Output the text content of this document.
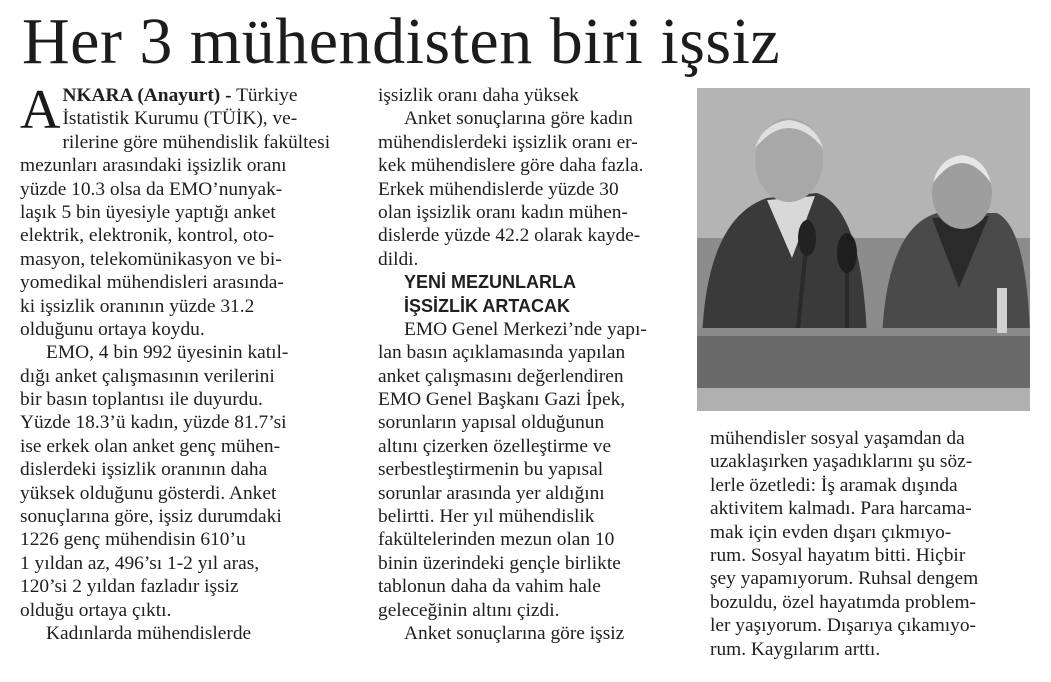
Her 3 mühendisten biri işsiz
A NKARA (Anayurt) - Türkiye
İstatistik Kurumu (TÜİK), ve-
rilerine göre mühendislik fakültesi
mezunları arasındaki işsizlik oranı
yüzde 10.3 olsa da EMO’nunyak-
laşık 5 bin üyesiyle yaptığı anket
elektrik, elektronik, kontrol, oto-
masyon, telekomünikasyon ve bi-
yomedikal mühendisleri arasında-
ki işsizlik oranının yüzde 31.2
olduğunu ortaya koydu.
EMO, 4 bin 992 üyesinin katıl-
dığı anket çalışmasının verilerini
bir basın toplantısı ile duyurdu.
Yüzde 18.3’ü kadın, yüzde 81.7’si
ise erkek olan anket genç mühen-
dislerdeki işsizlik oranının daha
yüksek olduğunu gösterdi. Anket
sonuçlarına göre, işsiz durumdaki
1226 genç mühendisin 610’u
1 yıldan az, 496’sı 1-2 yıl aras,
120’si 2 yıldan fazladır işsiz
olduğu ortaya çıktı.
Kadınlarda mühendislerde
işsizlik oranı daha yüksek
Anket sonuçlarına göre kadın
mühendislerdeki işsizlik oranı er-
kek mühendislere göre daha fazla.
Erkek mühendislerde yüzde 30
olan işsizlik oranı kadın mühen-
dislerde yüzde 42.2 olarak kayde-
dildi.
YENİ MEZUNLARLA
İŞSİZLİK ARTACAK
EMO Genel Merkezi’nde yapı-
lan basın açıklamasında yapılan
anket çalışmasını değerlendiren
EMO Genel Başkanı Gazi İpek,
sorunların yapısal olduğunun
altını çizerken özelleştirme ve
serbestleştirmenin bu yapısal
sorunlar arasında yer aldığını
belirtti. Her yıl mühendislik
fakültelerinden mezun olan 10
binin üzerindeki gençle birlikte
tablonun daha da vahim hale
geleceğinin altını çizdi.
Anket sonuçlarına göre işsiz
mühendisler sosyal yaşamdan da
uzaklaşırken yaşadıklarını şu söz-
lerle özetledi: İş aramak dışında
aktivitem kalmadı. Para harcama-
mak için evden dışarı çıkmıyo-
rum. Sosyal hayatım bitti. Hiçbir
şey yapamıyorum. Ruhsal dengem
bozuldu, özel hayatımda problem-
ler yaşıyorum. Dışarıya çıkamıyo-
rum. Kaygılarım arttı.
